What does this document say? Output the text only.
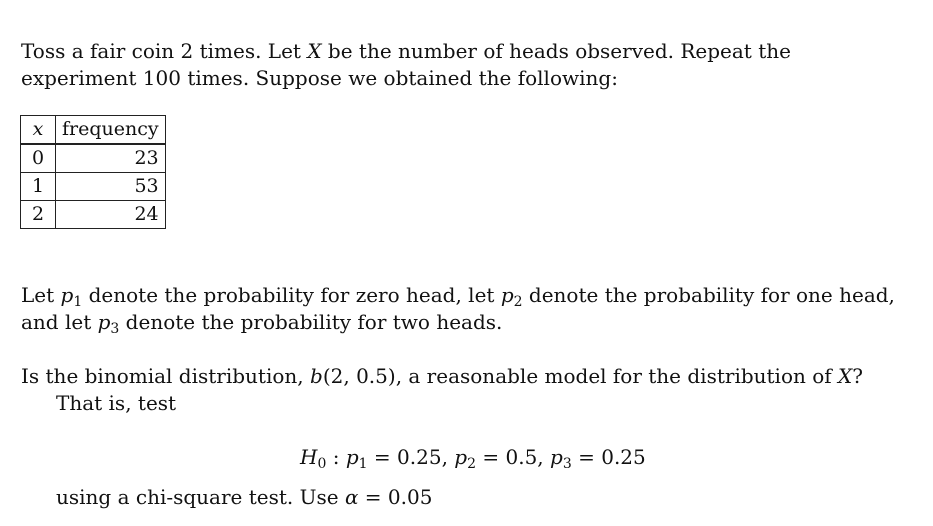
Toss a fair coin 2 times. Let X be the number of heads observed. Repeat the experiment 100 times. Suppose we obtained the following:

x	frequency
0	23
1	53
2	24

Let $p_1$ denote the probability for zero head, let $p_2$ denote the probability for one head, and let $p_3$ denote the probability for two heads.

Is the binomial distribution, b(2, 0.5), a reasonable model for the distribution of X?

That is, test

$H_0$ : $p_1 = 0.25$, $p_2 = 0.5$, $p_3 = 0.25$

using a chi-square test. Use α = 0.05
